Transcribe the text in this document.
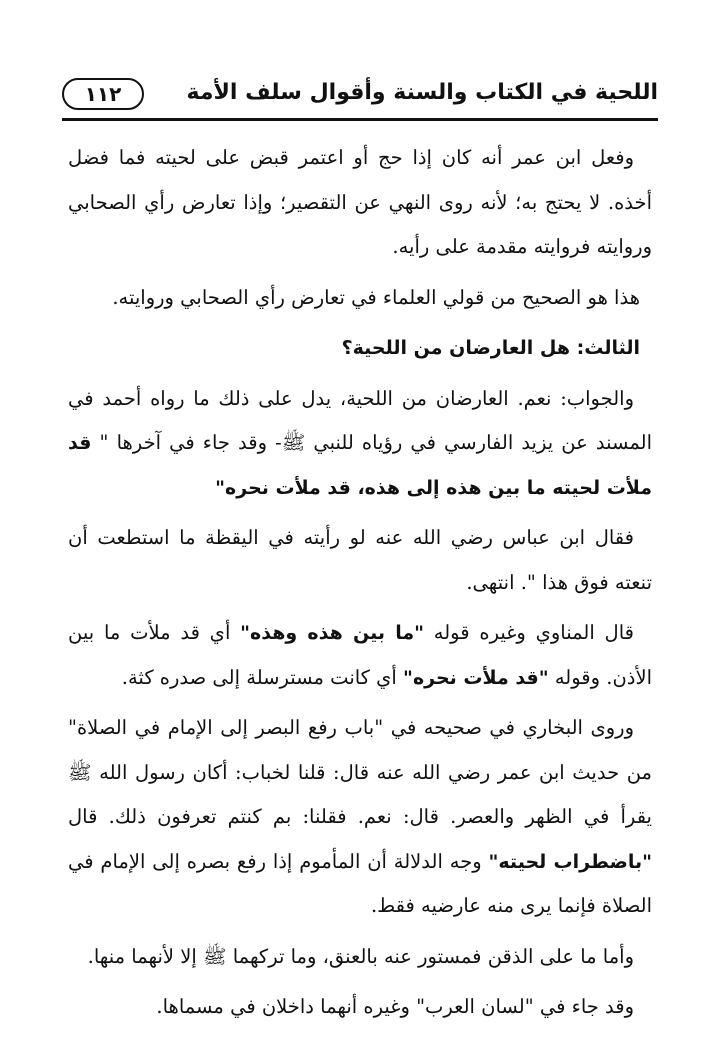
اللحية في الكتاب والسنة وأقوال سلف الأمة
١١٢

وفعل ابن عمر أنه كان إذا حج أو اعتمر قبض على لحيته فما فضل أخذه. لا يحتج به؛ لأنه روى النهي عن التقصير؛ وإذا تعارض رأي الصحابي وروايته فروايته مقدمة على رأيه.

هذا هو الصحيح من قولي العلماء في تعارض رأي الصحابي وروايته.

الثالث: هل العارضان من اللحية؟

والجواب: نعم. العارضان من اللحية، يدل على ذلك ما رواه أحمد في المسند عن يزيد الفارسي في رؤياه للنبي ﷺ- وقد جاء في آخرها " قد ملأت لحيته ما بين هذه إلى هذه، قد ملأت نحره"

فقال ابن عباس رضي الله عنه لو رأيته في اليقظة ما استطعت أن تنعته فوق هذا ". انتهى.

قال المناوي وغيره قوله "ما بين هذه وهذه" أي قد ملأت ما بين الأذن. وقوله "قد ملأت نحره" أي كانت مسترسلة إلى صدره كثة.

وروى البخاري في صحيحه في "باب رفع البصر إلى الإمام في الصلاة" من حديث ابن عمر رضي الله عنه قال: قلنا لخباب: أكان رسول الله ﷺ يقرأ في الظهر والعصر. قال: نعم. فقلنا: بم كنتم تعرفون ذلك. قال "باضطراب لحيته" وجه الدلالة أن المأموم إذا رفع بصره إلى الإمام في الصلاة فإنما يرى منه عارضيه فقط.

وأما ما على الذقن فمستور عنه بالعنق، وما تركهما ﷺ إلا لأنهما منها.

وقد جاء في "لسان العرب" وغيره أنهما داخلان في مسماها.
